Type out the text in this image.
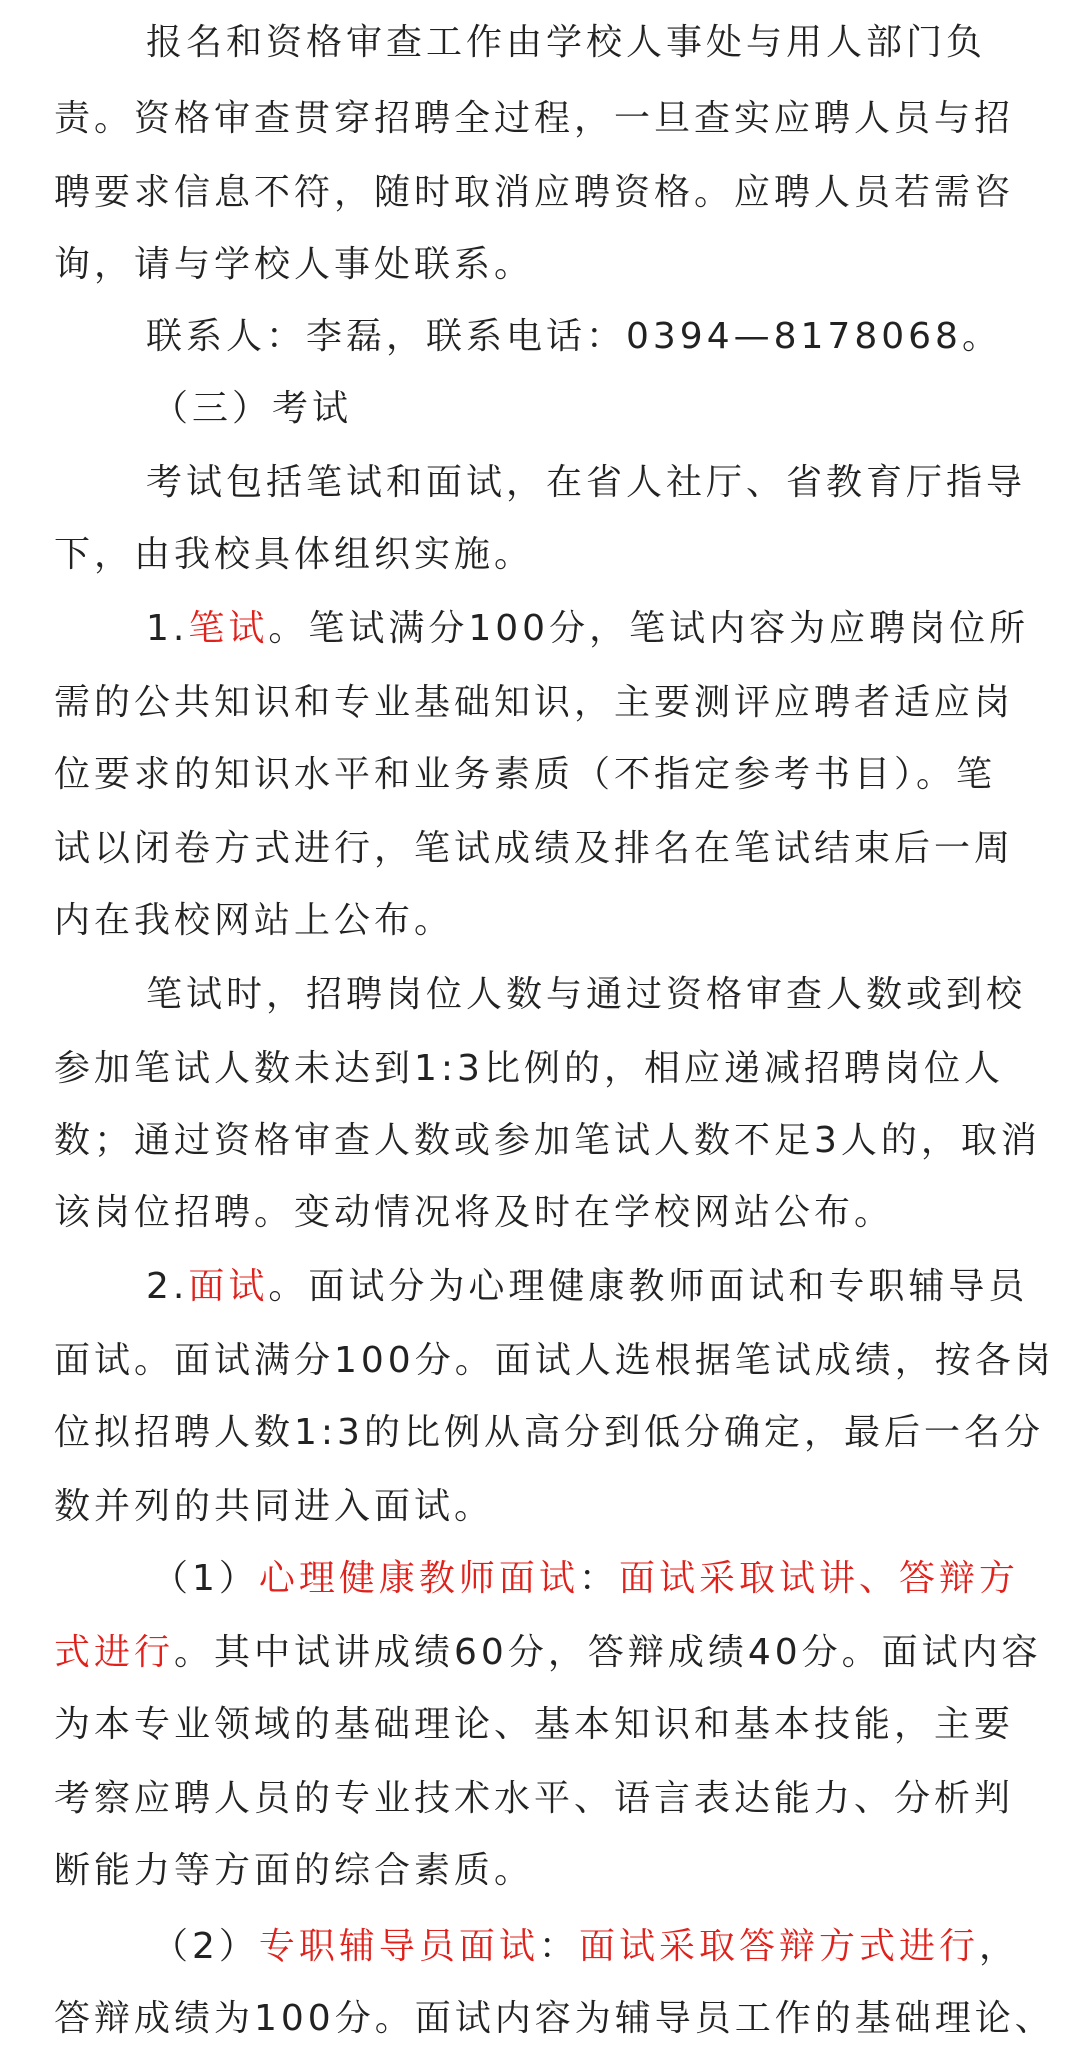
报名和资格审查工作由学校人事处与用人部门负
责。资格审查贯穿招聘全过程，一旦查实应聘人员与招
聘要求信息不符，随时取消应聘资格。应聘人员若需咨
询，请与学校人事处联系。
联系人：李磊，联系电话：0394—8178068。
（三）考试
考试包括笔试和面试，在省人社厅、省教育厅指导
下，由我校具体组织实施。
1.笔试。笔试满分100分，笔试内容为应聘岗位所
需的公共知识和专业基础知识，主要测评应聘者适应岗
位要求的知识水平和业务素质（不指定参考书目）。笔
试以闭卷方式进行，笔试成绩及排名在笔试结束后一周
内在我校网站上公布。
笔试时，招聘岗位人数与通过资格审查人数或到校
参加笔试人数未达到1:3比例的，相应递减招聘岗位人
数；通过资格审查人数或参加笔试人数不足3人的，取消
该岗位招聘。变动情况将及时在学校网站公布。
2.面试。面试分为心理健康教师面试和专职辅导员
面试。面试满分100分。面试人选根据笔试成绩，按各岗
位拟招聘人数1:3的比例从高分到低分确定，最后一名分
数并列的共同进入面试。
（1）心理健康教师面试：面试采取试讲、答辩方
式进行。其中试讲成绩60分，答辩成绩40分。面试内容
为本专业领域的基础理论、基本知识和基本技能，主要
考察应聘人员的专业技术水平、语言表达能力、分析判
断能力等方面的综合素质。
（2）专职辅导员面试：面试采取答辩方式进行，
答辩成绩为100分。面试内容为辅导员工作的基础理论、
